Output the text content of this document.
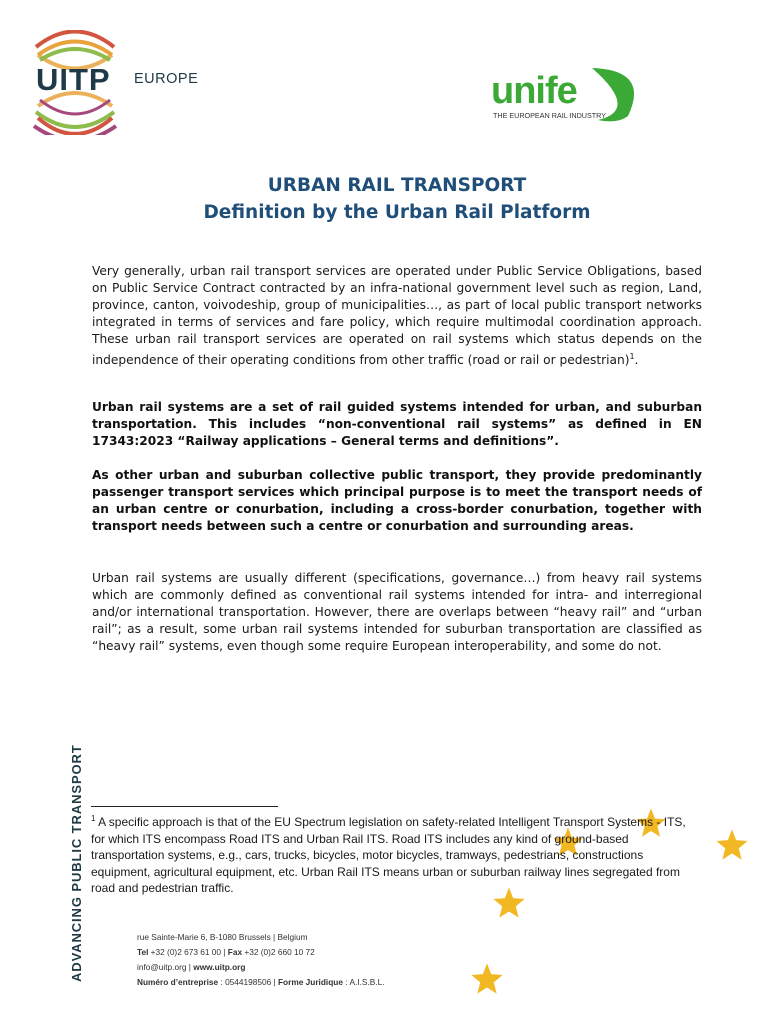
UITP EUROPE	unife
THE EUROPEAN RAIL INDUSTRY
URBAN RAIL TRANSPORT
Definition by the Urban Rail Platform
Very generally, urban rail transport services are operated under Public Service Obligations, based on Public Service Contract contracted by an infra-national government level such as region, Land, province, canton, voivodeship, group of municipalities…, as part of local public transport networks integrated in terms of services and fare policy, which require multimodal coordination approach. These urban rail transport services are operated on rail systems which status depends on the independence of their operating conditions from other traffic (road or rail or pedestrian)$^1$.
Urban rail systems are a set of rail guided systems intended for urban, and suburban transportation. This includes “non-conventional rail systems” as defined in EN 17343:2023 “Railway applications – General terms and definitions”.
As other urban and suburban collective public transport, they provide predominantly passenger transport services which principal purpose is to meet the transport needs of an urban centre or conurbation, including a cross-border conurbation, together with transport needs between such a centre or conurbation and surrounding areas.
Urban rail systems are usually different (specifications, governance…) from heavy rail systems which are commonly defined as conventional rail systems intended for intra- and interregional and/or international transportation. However, there are overlaps between “heavy rail” and “urban rail”; as a result, some urban rail systems intended for suburban transportation are classified as “heavy rail” systems, even though some require European interoperability, and some do not.
ADVANCING PUBLIC TRANSPORT $^1$ A specific approach is that of the EU Spectrum legislation on safety-related Intelligent Transport Systems - ITS, for which ITS encompass Road ITS and Urban Rail ITS. Road ITS includes any kind of ground-based transportation systems, e.g., cars, trucks, bicycles, motor bicycles, tramways, pedestrians, constructions equipment, agricultural equipment, etc. Urban Rail ITS means urban or suburban railway lines segregated from road and pedestrian traffic.
rue Sainte-Marie 6, B-1080 Brussels | Belgium
Tel +32 (0)2 673 61 00 | Fax +32 (0)2 660 10 72
info@uitp.org | www.uitp.org
Numéro d’entreprise : 0544198506 | Forme Juridique : A.I.S.B.L.
